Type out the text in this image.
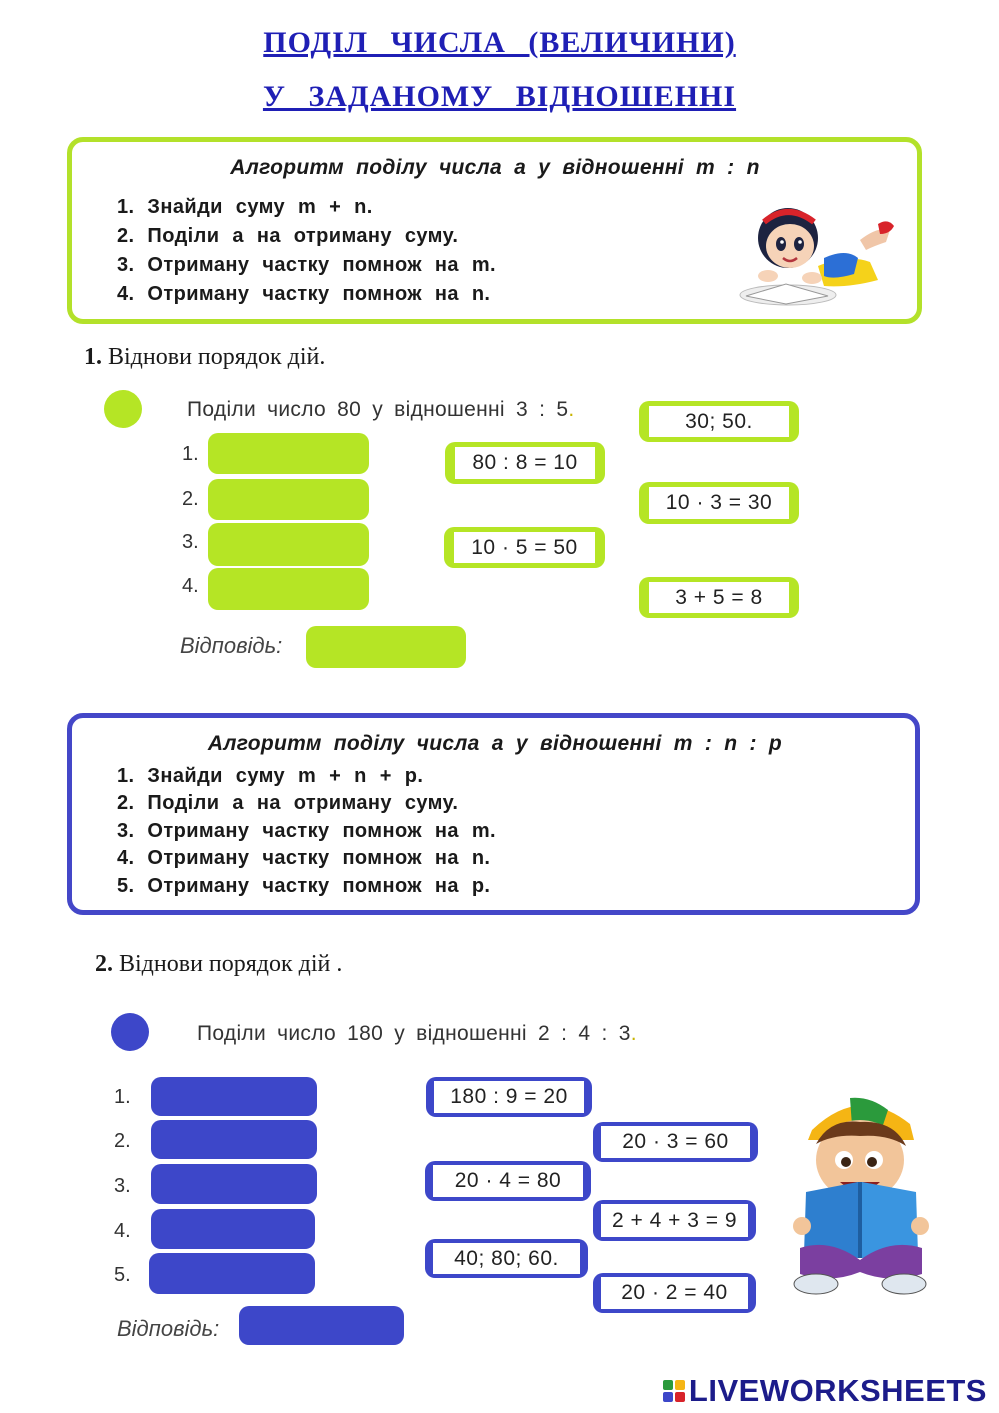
ПОДІЛ ЧИСЛА (ВЕЛИЧИНИ)
У ЗАДАНОМУ ВІДНОШЕННІ
Алгоритм поділу числа a у відношенні m : n
1. Знайди суму m + n.
2. Поділи a на отриману суму.
3. Отриману частку помнож на m.
4. Отриману частку помнож на n.
1. Віднови порядок дій.
Поділи число 80 у відношенні 3 : 5.
1.
2.
3.
4.
Відповідь:
30; 50.
80 : 8 = 10
10 · 3 = 30
10 · 5 = 50
3 + 5 = 8
Алгоритм поділу числа a у відношенні m : n : p
1. Знайди суму m + n + p.
2. Поділи a на отриману суму.
3. Отриману частку помнож на m.
4. Отриману частку помнож на n.
5. Отриману частку помнож на p.
2. Віднови порядок дій .
Поділи число 180 у відношенні 2 : 4 : 3.
1.
2.
3.
4.
5.
Відповідь:
180 : 9 = 20
20 · 3 = 60
20 · 4 = 80
2 + 4 + 3 = 9
40; 80; 60.
20 · 2 = 40
LIVEWORKSHEETS
